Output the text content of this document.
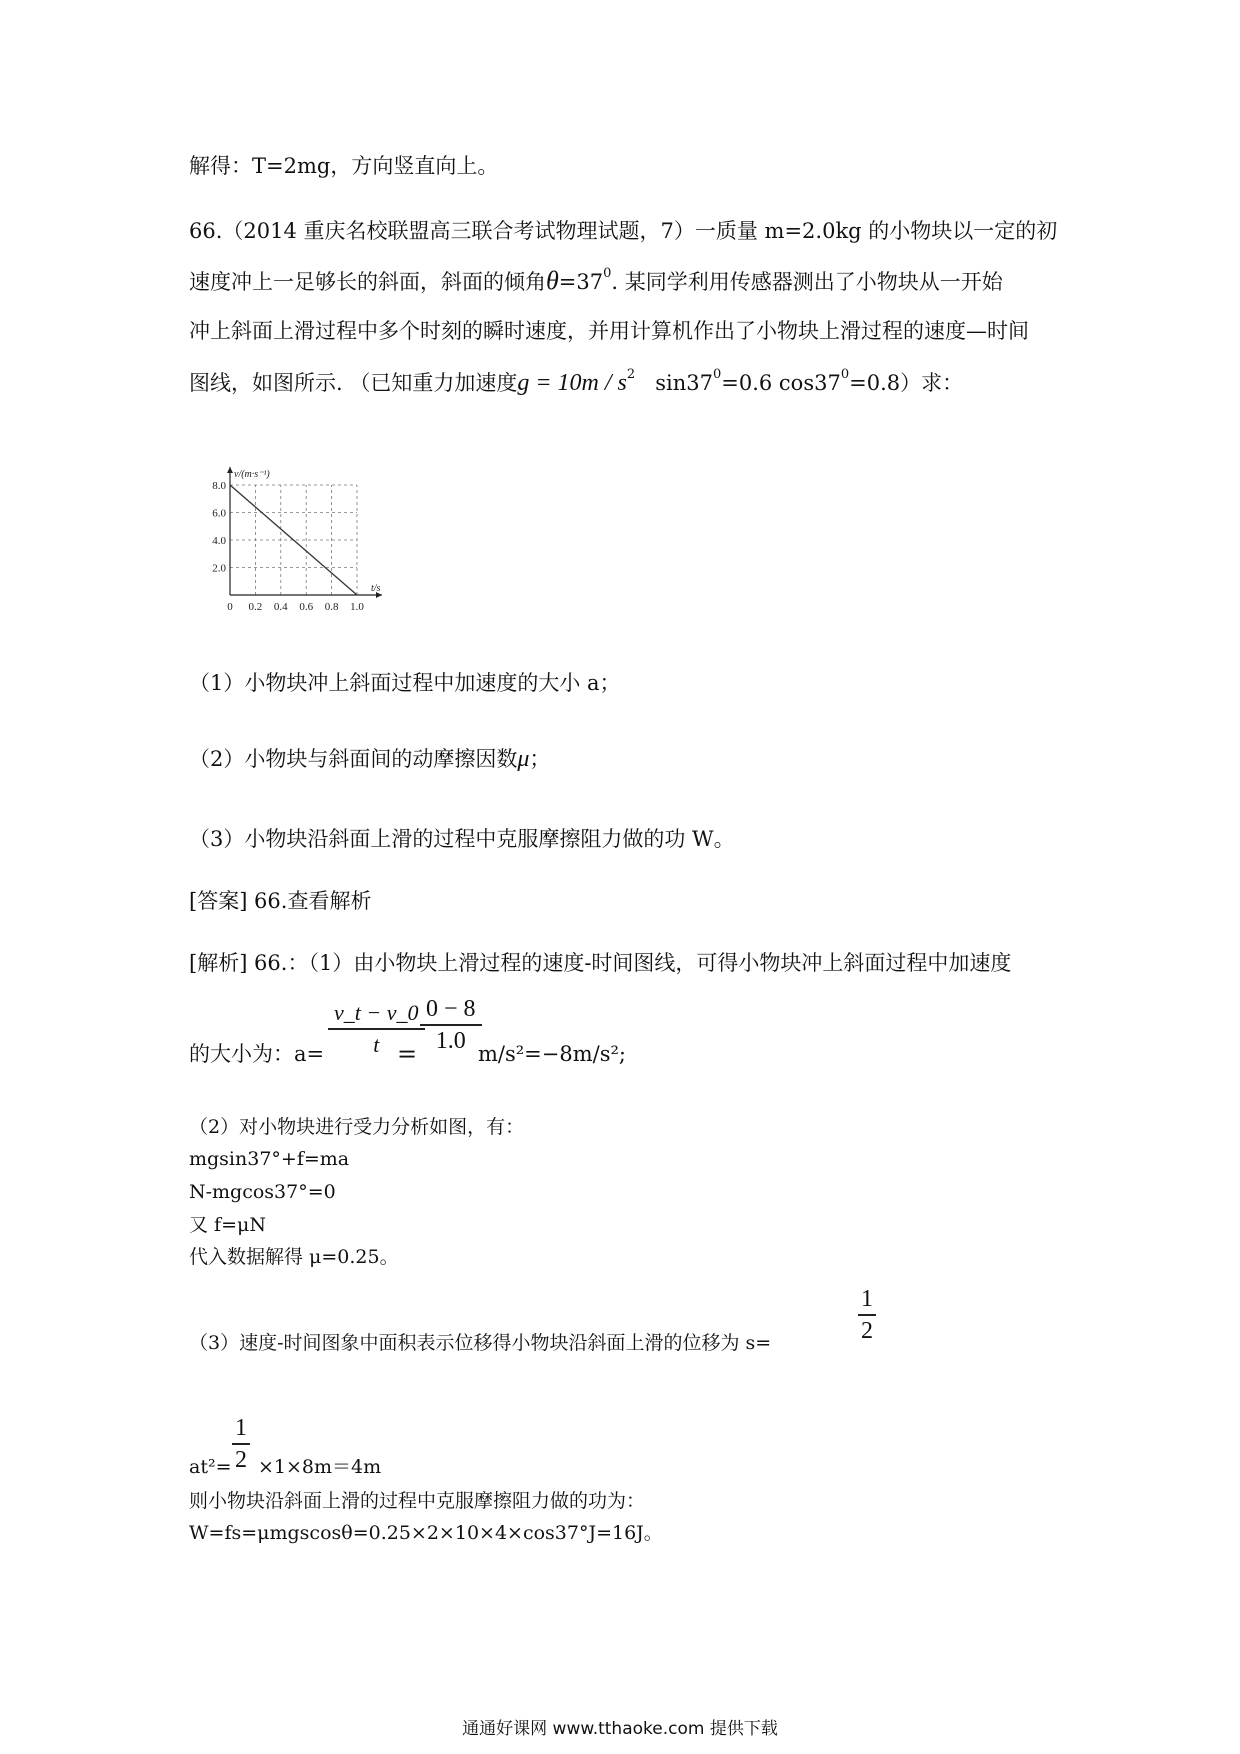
解得：T=2mg，方向竖直向上。
66.（2014 重庆名校联盟高三联合考试物理试题，7）一质量 m=2.0kg 的小物块以一定的初
速度冲上一足够长的斜面，斜面的倾角$\theta=37^0$. 某同学利用传感器测出了小物块从一开始
冲上斜面上滑过程中多个时刻的瞬时速度，并用计算机作出了小物块上滑过程的速度—时间
图线，如图所示. （已知重力加速度$g = 10m / s^2$ $\sin 37^0=0.6$ $\cos 37^0=0.8$）求：
0 0.2 0.4 0.6 0.8 1.0
8.0
6.0
4.0
2.0
v/(m·s⁻¹)
t/s
（1）小物块冲上斜面过程中加速度的大小 a；
（2）小物块与斜面间的动摩擦因数μ；
（3）小物块沿斜面上滑的过程中克服摩擦阻力做的功 W。
[答案] 66.查看解析
[解析] 66.：（1）由小物块上滑过程的速度-时间图线，可得小物块冲上斜面过程中加速度
的大小为：$a= \frac{v\_t - v\_0}{t}$
= $\frac{0 - 8}{1.0}$
m/s²=−8m/s²;
（2）对小物块进行受力分析如图，有：
mgsin37°+f=ma
N-mgcos37°=0
又 f=μN
代入数据解得 μ=0.25。
（3）速度-时间图象中面积表示位移得小物块沿斜面上滑的位移为 s=	$\frac{1}{2}$
$at^2= \frac{1}{2} \times 1\times 8m=4m$
则小物块沿斜面上滑的过程中克服摩擦阻力做的功为：
W=fs=μmgscosθ=0.25×2×10×4×cos37°J=16J。
通通好课网 www.tthaoke.com 提供下载
